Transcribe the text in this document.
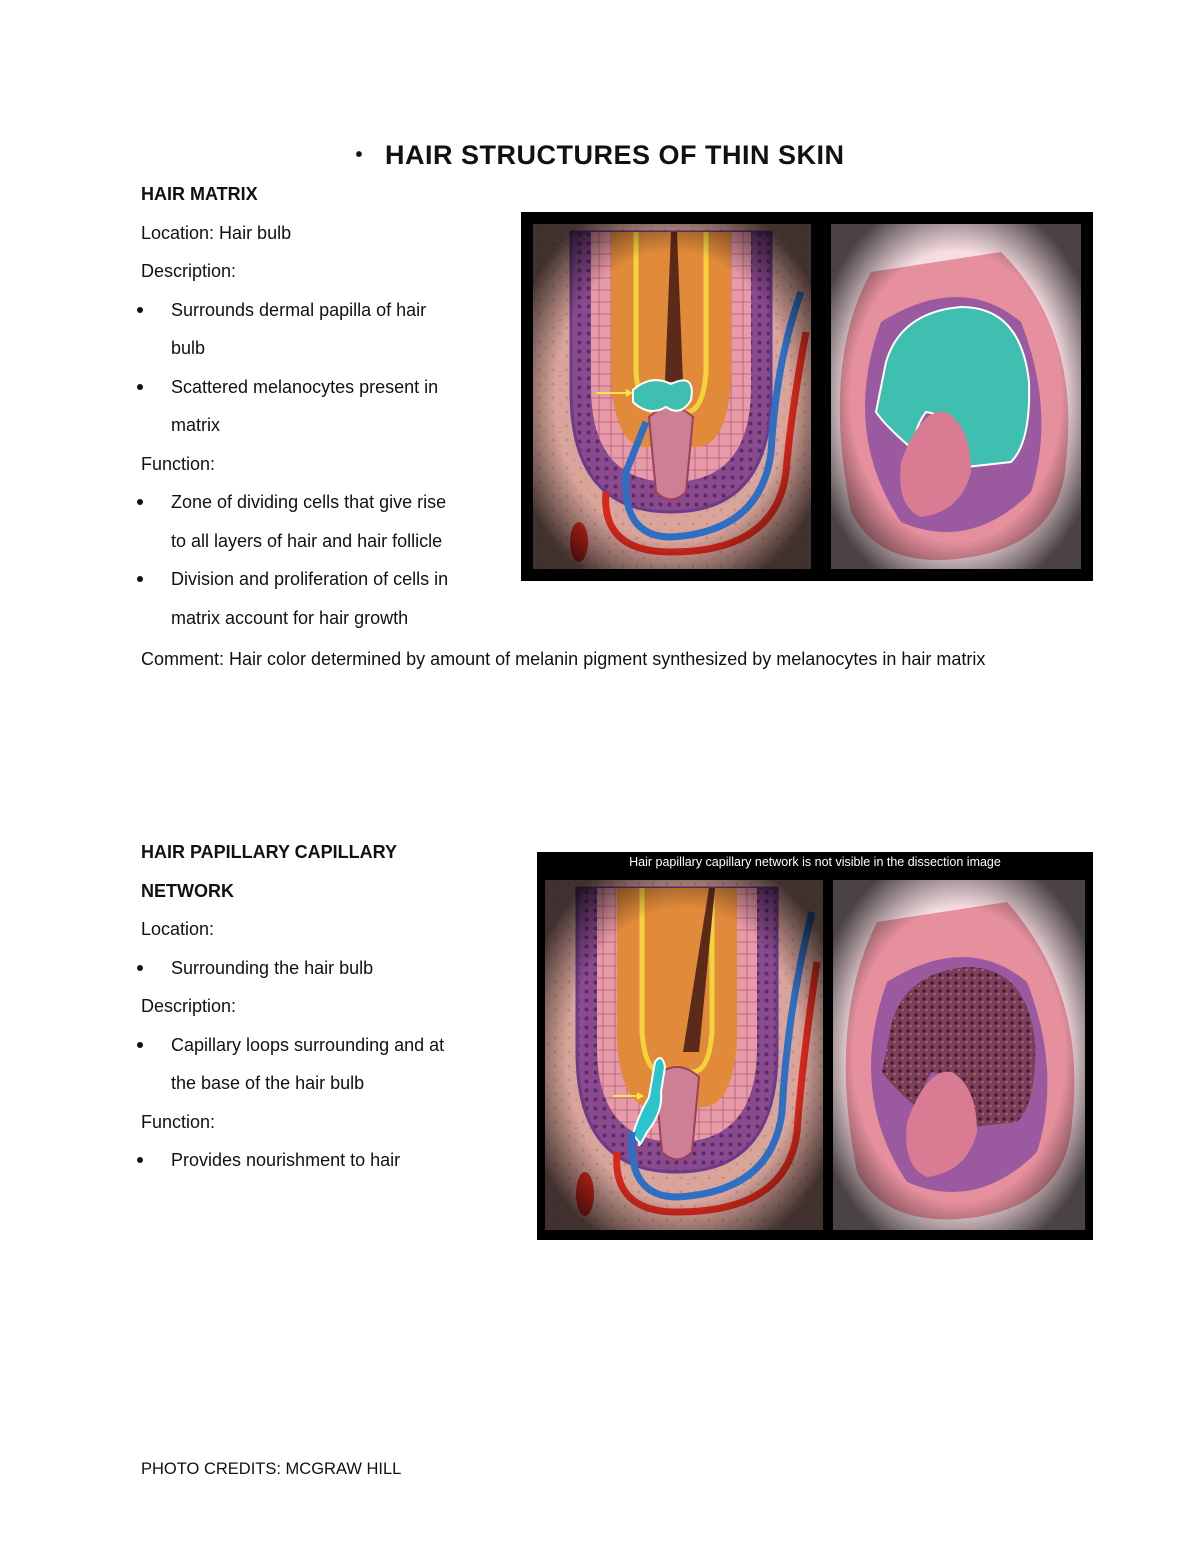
• HAIR STRUCTURES OF THIN SKIN
HAIR MATRIX
Location: Hair bulb
Description:
Surrounds dermal papilla of hair
bulb
Scattered melanocytes present in
matrix
Function:
Zone of dividing cells that give rise
to all layers of hair and hair follicle
Division and proliferation of cells in
matrix account for hair growth
Comment: Hair color determined by amount of melanin pigment synthesized by melanocytes in hair matrix
HAIR PAPILLARY CAPILLARY
NETWORK
Location:
Surrounding the hair bulb
Description:
Capillary loops surrounding and at
the base of the hair bulb
Function:
Provides nourishment to hair
Hair papillary capillary network is not visible in the dissection image
PHOTO CREDITS: MCGRAW HILL
